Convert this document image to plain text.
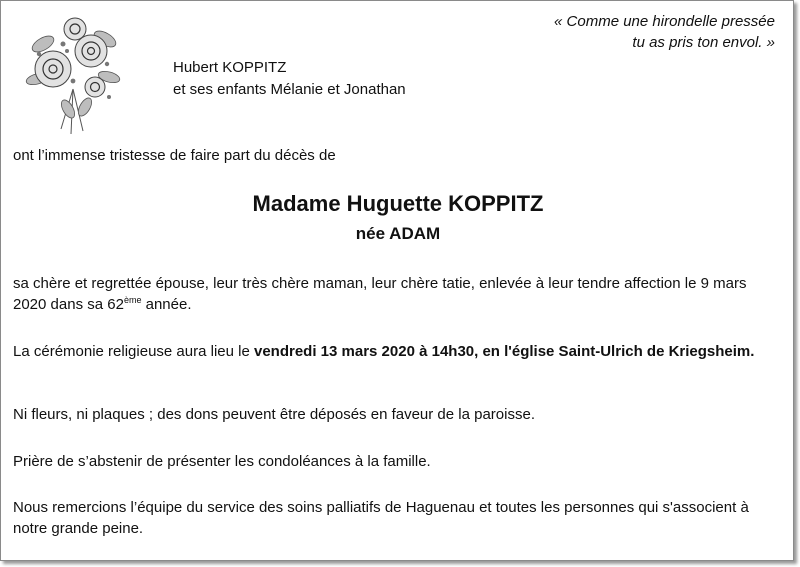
« Comme une hirondelle pressée
tu as pris ton envol. »
Hubert KOPPITZ
et ses enfants Mélanie et Jonathan
ont l’immense tristesse de faire part du décès de
Madame Huguette KOPPITZ
née ADAM
sa chère et regrettée épouse, leur très chère maman, leur chère tatie, enlevée à leur tendre affection le 9 mars 2020 dans sa 62ème année.
La cérémonie religieuse aura lieu le vendredi 13 mars 2020 à 14h30, en l'église Saint-Ulrich de Kriegsheim.
Ni fleurs, ni plaques ; des dons peuvent être déposés en faveur de la paroisse.
Prière de s’abstenir de présenter les condoléances à la famille.
Nous remercions l’équipe du service des soins palliatifs de Haguenau et toutes les personnes qui s'associent à notre grande peine.
